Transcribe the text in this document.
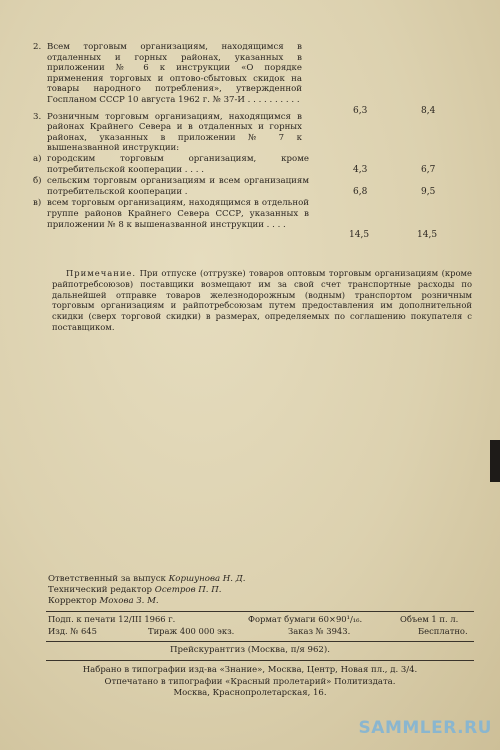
2. Всем торговым организациям, находящимся в отдаленных и горных районах, указанных в приложении № 6 к инструкции «О порядке применения торговых и оптово-сбытовых скидок на товары народного потребления», утвержденной Госпланом СССР 10 августа 1962 г. № 37-И . . . . . . . . . .
6,3	8,4
3. Розничным торговым организациям, находящимся в районах Крайнего Севера и в отдаленных и горных районах, указанных в приложении № 7 к вышеназванной инструкции:
а) городским торговым организациям, кроме потребительской кооперации . . . .	4,3	6,7
б) сельским торговым организациям и всем организациям потребительской кооперации .	6,8	9,5
в) всем торговым организациям, находящимся в отдельной группе районов Крайнего Севера СССР, указанных в приложении № 8 к вышеназванной инструкции . . . .
14,5	14,5
Примечание. При отпуске (отгрузке) товаров оптовым торговым организациям (кроме райпотребсоюзов) поставщики возмещают им за свой счет транспортные расходы по дальнейшей отправке товаров железнодорожным (водным) транспортом розничным торговым организациям и райпотребсоюзам путем предоставления им дополнительной скидки (сверх торговой скидки) в размерах, определяемых по соглашению покупателя с поставщиком.
Ответственный за выпуск Коршунова Н. Д.
Технический редактор Осетров П. П.
Корректор Мохова З. М.
Подп. к печати 12/III 1966 г.	Формат бумаги 60×90¹/₁₆.	Объем 1 п. л.
Изд. № 645	Тираж 400 000 экз.	Заказ № 3943.	Бесплатно.
Прейскурантгиз (Москва, п/я 962).
Набрано в типографии изд-ва «Знание», Москва, Центр, Новая пл., д. 3/4.
Отпечатано в типографии «Красный пролетарий» Политиздата.
Москва, Краснопролетарская, 16.
SAMMLER.RU
